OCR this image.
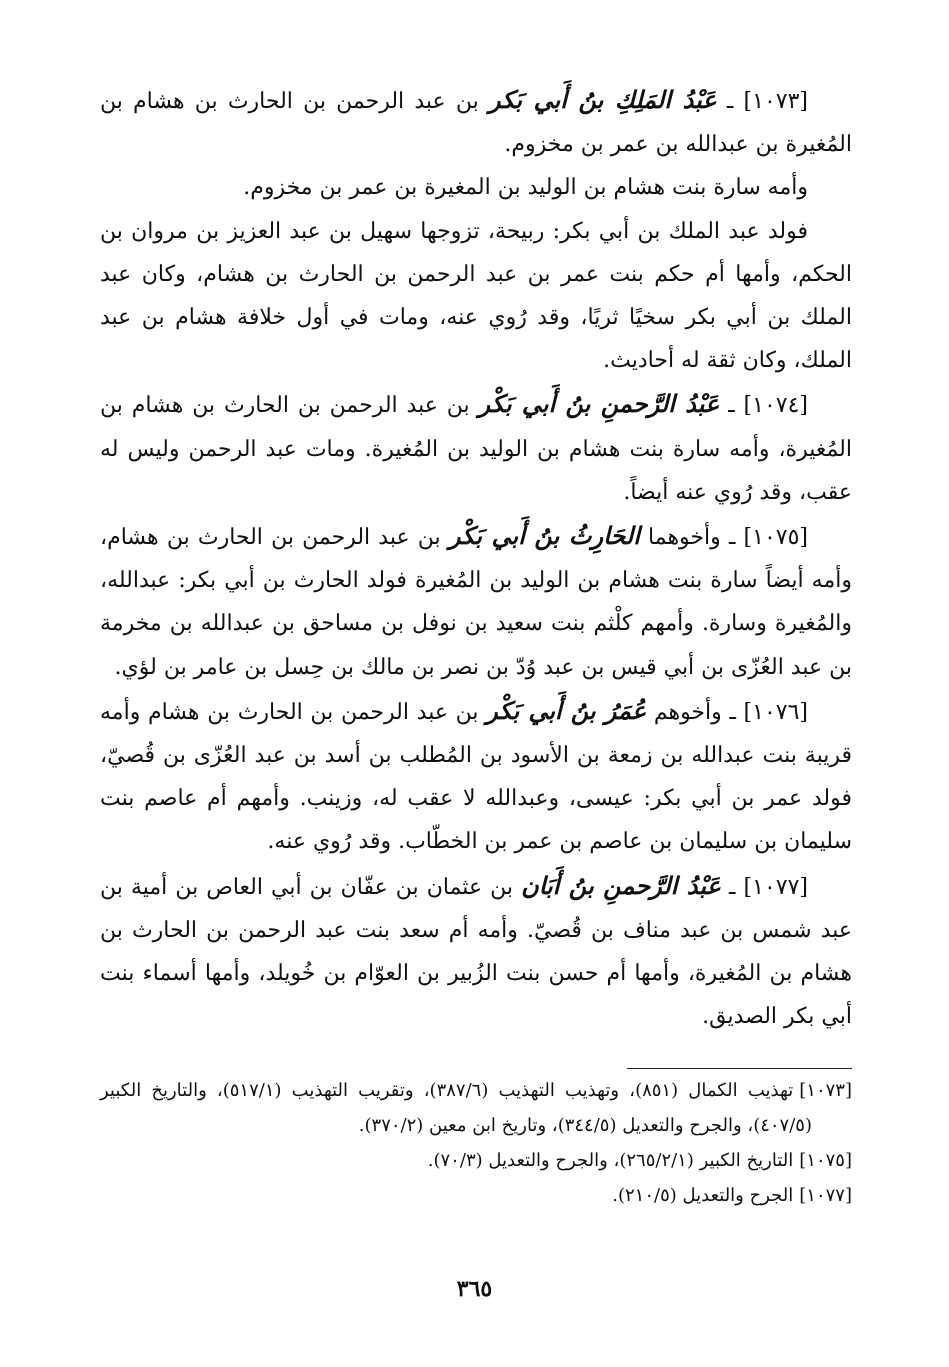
[١٠٧٣] ـ عَبْدُ المَلِكِ بنُ أَبي بَكر بن عبد الرحمن بن الحارث بن هشام بن المُغيرة بن عبدالله بن عمر بن مخزوم.

وأمه سارة بنت هشام بن الوليد بن المغيرة بن عمر بن مخزوم.

فولد عبد الملك بن أبي بكر: ربيحة، تزوجها سهيل بن عبد العزيز بن مروان بن الحكم، وأمها أم حكم بنت عمر بن عبد الرحمن بن الحارث بن هشام، وكان عبد الملك بن أبي بكر سخيًا ثريًا، وقد رُوي عنه، ومات في أول خلافة هشام بن عبد الملك، وكان ثقة له أحاديث.

[١٠٧٤] ـ عَبْدُ الرَّحمنِ بنُ أَبي بَكْر بن عبد الرحمن بن الحارث بن هشام بن المُغيرة، وأمه سارة بنت هشام بن الوليد بن المُغيرة. ومات عبد الرحمن وليس له عقب، وقد رُوي عنه أيضاً.

[١٠٧٥] ـ وأخوهما الحَارِثُ بنُ أَبي بَكْر بن عبد الرحمن بن الحارث بن هشام، وأمه أيضاً سارة بنت هشام بن الوليد بن المُغيرة فولد الحارث بن أبي بكر: عبدالله، والمُغيرة وسارة. وأمهم كلْثم بنت سعيد بن نوفل بن مساحق بن عبدالله بن مخرمة بن عبد العُزّى بن أبي قيس بن عبد وُدّ بن نصر بن مالك بن حِسل بن عامر بن لؤي.

[١٠٧٦] ـ وأخوهم عُمَرُ بنُ أَبي بَكْر بن عبد الرحمن بن الحارث بن هشام وأمه قريبة بنت عبدالله بن زمعة بن الأسود بن المُطلب بن أسد بن عبد العُزّى بن قُصيّ، فولد عمر بن أبي بكر: عيسى، وعبدالله لا عقب له، وزينب. وأمهم أم عاصم بنت سليمان بن سليمان بن عاصم بن عمر بن الخطّاب. وقد رُوي عنه.

[١٠٧٧] ـ عَبْدُ الرَّحمنِ بنُ أَبَان بن عثمان بن عفّان بن أبي العاص بن أمية بن عبد شمس بن عبد مناف بن قُصيّ. وأمه أم سعد بنت عبد الرحمن بن الحارث بن هشام بن المُغيرة، وأمها أم حسن بنت الزُبير بن العوّام بن خُويلد، وأمها أسماء بنت أبي بكر الصديق.

[١٠٧٣]تهذيب الكمال (٨٥١)، وتهذيب التهذيب (٣٨٧/٦)، وتقريب التهذيب (٥١٧/١)، والتاريخ الكبير (٤٠٧/٥)، والجرح والتعديل (٣٤٤/٥)، وتاريخ ابن معين (٣٧٠/٢).

[١٠٧٥]التاريخ الكبير (٢٦٥/٢/١)، والجرح والتعديل (٧٠/٣).

[١٠٧٧]الجرح والتعديل (٢١٠/٥).

٣٦٥
